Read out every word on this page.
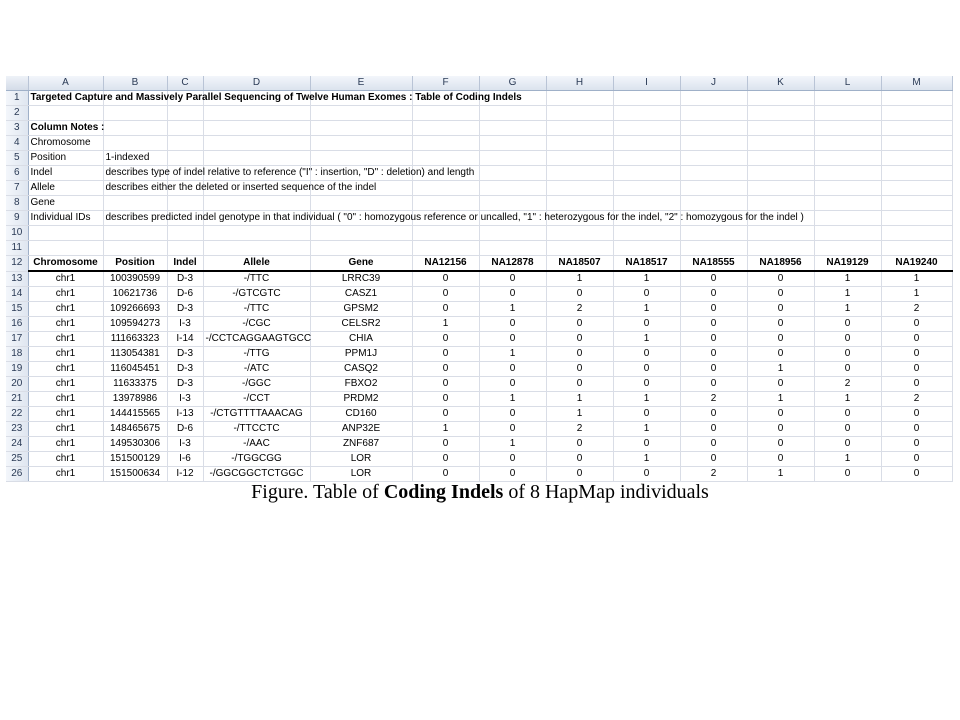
	A	B	C	D	E	F	G	H	I	J	K	L	M
1	Targeted Capture and Massively Parallel Sequencing of Twelve Human Exomes : Table of Coding Indels												
2													
3	Column Notes :												
4	Chromosome												
5	Position	1-indexed											
6	Indel	describes type of indel relative to reference ("I" : insertion, "D" : deletion) and length											
7	Allele	describes either the deleted or inserted sequence of the indel											
8	Gene												
9	Individual IDs	describes predicted indel genotype in that individual ( "0" : homozygous reference or uncalled, "1" : heterozygous for the indel, "2" : homozygous for the indel )											
10													
11													
12	Chromosome	Position	Indel	Allele	Gene	NA12156	NA12878	NA18507	NA18517	NA18555	NA18956	NA19129	NA19240
13	chr1	100390599	D-3	-/TTC	LRRC39	0	0	1	1	0	0	1	1
14	chr1	10621736	D-6	-/GTCGTC	CASZ1	0	0	0	0	0	0	1	1
15	chr1	109266693	D-3	-/TTC	GPSM2	0	1	2	1	0	0	1	2
16	chr1	109594273	I-3	-/CGC	CELSR2	1	0	0	0	0	0	0	0
17	chr1	111663323	I-14	-/CCTCAGGAAGTGCC	CHIA	0	0	0	1	0	0	0	0
18	chr1	113054381	D-3	-/TTG	PPM1J	0	1	0	0	0	0	0	0
19	chr1	116045451	D-3	-/ATC	CASQ2	0	0	0	0	0	1	0	0
20	chr1	11633375	D-3	-/GGC	FBXO2	0	0	0	0	0	0	2	0
21	chr1	13978986	I-3	-/CCT	PRDM2	0	1	1	1	2	1	1	2
22	chr1	144415565	I-13	-/CTGTTTTAAACAG	CD160	0	0	1	0	0	0	0	0
23	chr1	148465675	D-6	-/TTCCTC	ANP32E	1	0	2	1	0	0	0	0
24	chr1	149530306	I-3	-/AAC	ZNF687	0	1	0	0	0	0	0	0
25	chr1	151500129	I-6	-/TGGCGG	LOR	0	0	0	1	0	0	1	0
26	chr1	151500634	I-12	-/GGCGGCTCTGGC	LOR	0	0	0	0	2	1	0	0
Figure. Table of Coding Indels of 8 HapMap individuals
